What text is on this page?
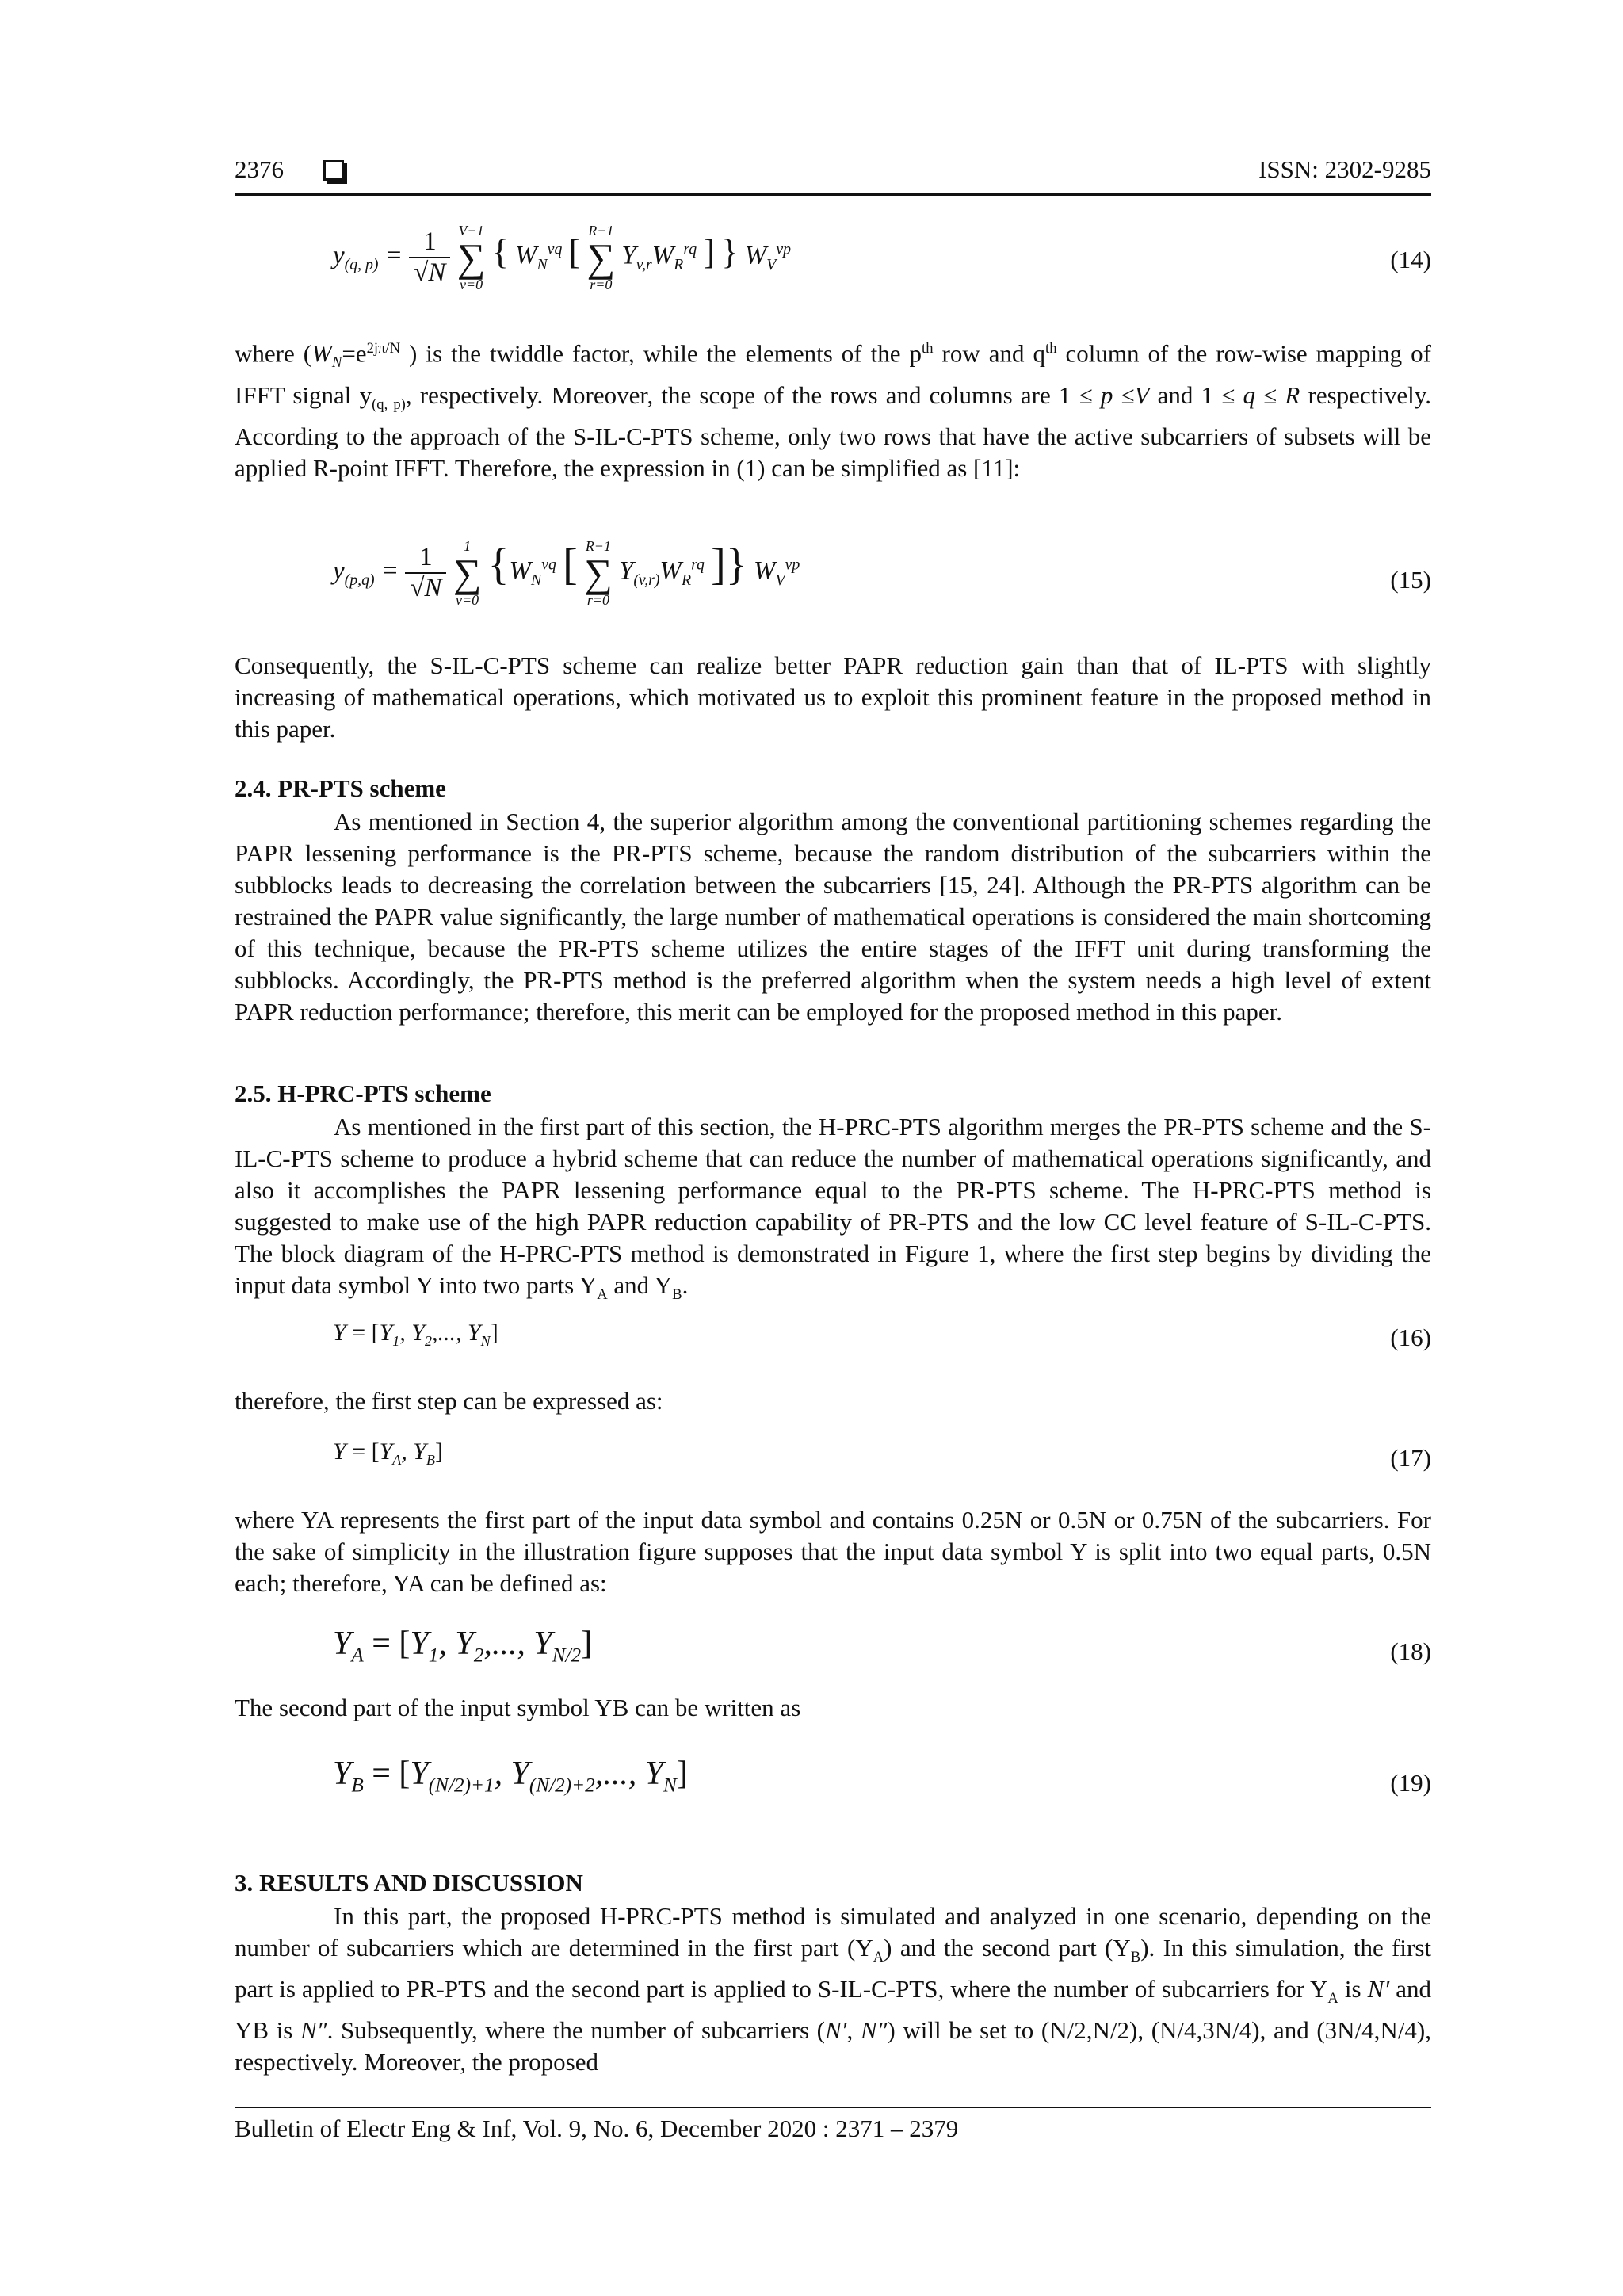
2376	ISSN: 2302-9285
$y_{(q, p)} = \frac{1}{√N}$
V−1
∑
v=0
{ $W_N^{vq}$ [
R−1
∑
r=0
$Y_{v,r}W_R^{rq}$ ] } $W_V^{vp}$	(14)
where ($W_N=e^{2j\pi/N}$ ) is the twiddle factor, while the elements of the $p^{th}$ row and $q^{th}$ column of the row-wise mapping of IFFT signal $y_{(q, p)}$, respectively. Moreover, the scope of the rows and columns are 1 ≤ p ≤V and 1 ≤ q ≤ R respectively. According to the approach of the S-IL-C-PTS scheme, only two rows that have the active subcarriers of subsets will be applied R-point IFFT. Therefore, the expression in (1) can be simplified as [11]:
$y_{(p,q)} = \frac{1}{√N}$
	1
∑
v=0
{$W_N^{vq}$ [ R−1
∑
r=0
$Y_{(v,r)}W_R^{rq}$ ]} $W_V^{vp}$
(15)
Consequently, the S-IL-C-PTS scheme can realize better PAPR reduction gain than that of IL-PTS with slightly increasing of mathematical operations, which motivated us to exploit this prominent feature in the proposed method in this paper.
2.4. PR-PTS scheme
As mentioned in Section 4, the superior algorithm among the conventional partitioning schemes regarding the PAPR lessening performance is the PR-PTS scheme, because the random distribution of the subcarriers within the subblocks leads to decreasing the correlation between the subcarriers [15, 24]. Although the PR-PTS algorithm can be restrained the PAPR value significantly, the large number of mathematical operations is considered the main shortcoming of this technique, because the PR-PTS scheme utilizes the entire stages of the IFFT unit during transforming the subblocks. Accordingly, the PR-PTS method is the preferred algorithm when the system needs a high level of extent PAPR reduction performance; therefore, this merit can be employed for the proposed method in this paper.
2.5. H-PRC-PTS scheme
As mentioned in the first part of this section, the H-PRC-PTS algorithm merges the PR-PTS scheme and the S-IL-C-PTS scheme to produce a hybrid scheme that can reduce the number of mathematical operations significantly, and also it accomplishes the PAPR lessening performance equal to the PR-PTS scheme. The H-PRC-PTS method is suggested to make use of the high PAPR reduction capability of PR-PTS and the low CC level feature of S-IL-C-PTS. The block diagram of the H-PRC-PTS method is demonstrated in Figure 1, where the first step begins by dividing the input data symbol Y into two parts $Y_A$ and $Y_B$.
$Y = [Y_1$, $Y_2$,..., $Y_N$]	(16)
therefore, the first step can be expressed as:
$Y = [Y_A$, $Y_B$]	(17)
where YA represents the first part of the input data symbol and contains 0.25N or 0.5N or 0.75N of the subcarriers. For the sake of simplicity in the illustration figure supposes that the input data symbol Y is split into two equal parts, 0.5N each; therefore, YA can be defined as:
$Y_A = [Y_1$, $Y_2$,..., $Y_{N/2}$]	(18)
The second part of the input symbol YB can be written as
$Y_B = [Y_{(N/2)+1}$, $Y_{(N/2)+2}$,..., $Y_N$]	(19)
3. RESULTS AND DISCUSSION
In this part, the proposed H-PRC-PTS method is simulated and analyzed in one scenario, depending on the number of subcarriers which are determined in the first part $(Y_A)$ and the second part $(Y_B)$. In this simulation, the first part is applied to PR-PTS and the second part is applied to S-IL-C-PTS, where the number of subcarriers for $Y_A$ is N′ and YB is N″. Subsequently, where the number of subcarriers (N′, N″) will be set to (N/2,N/2), (N/4,3N/4), and (3N/4,N/4), respectively. Moreover, the proposed
Bulletin of Electr Eng & Inf, Vol. 9, No. 6, December 2020 : 2371 – 2379
